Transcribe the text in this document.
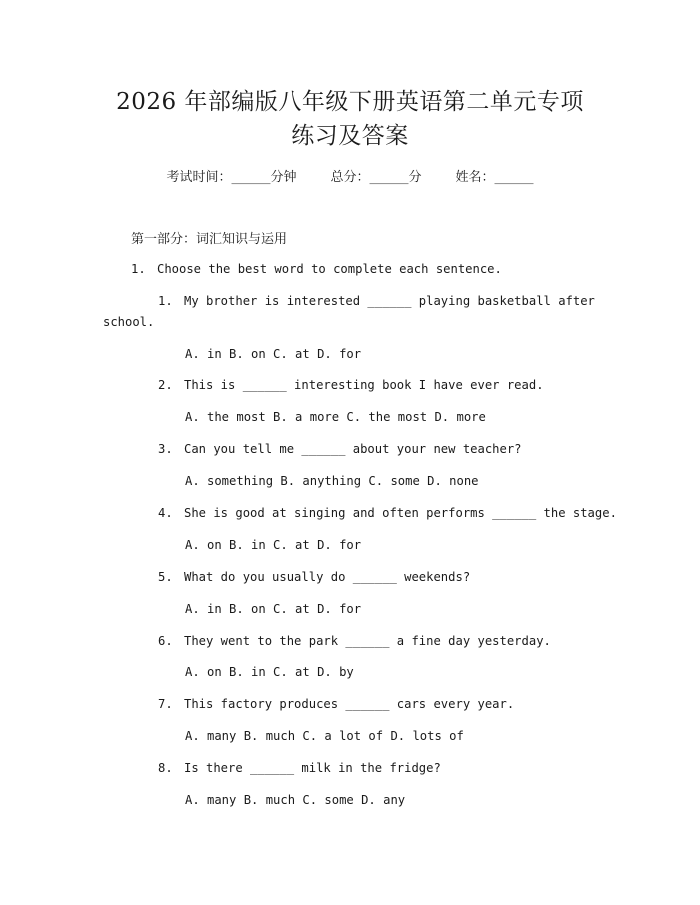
2026 年部编版八年级下册英语第二单元专项
练习及答案
考试时间：______分钟	总分：______分	姓名：______
第一部分：词汇知识与运用
1. Choose the best word to complete each sentence.
1. My brother is interested ______ playing basketball after
school.
A. in B. on C. at D. for
2. This is ______ interesting book I have ever read.
A. the most B. a more C. the most D. more
3. Can you tell me ______ about your new teacher?
A. something B. anything C. some D. none
4. She is good at singing and often performs ______ the stage.
A. on B. in C. at D. for
5. What do you usually do ______ weekends?
A. in B. on C. at D. for
6. They went to the park ______ a fine day yesterday.
A. on B. in C. at D. by
7. This factory produces ______ cars every year.
A. many B. much C. a lot of D. lots of
8. Is there ______ milk in the fridge?
A. many B. much C. some D. any
